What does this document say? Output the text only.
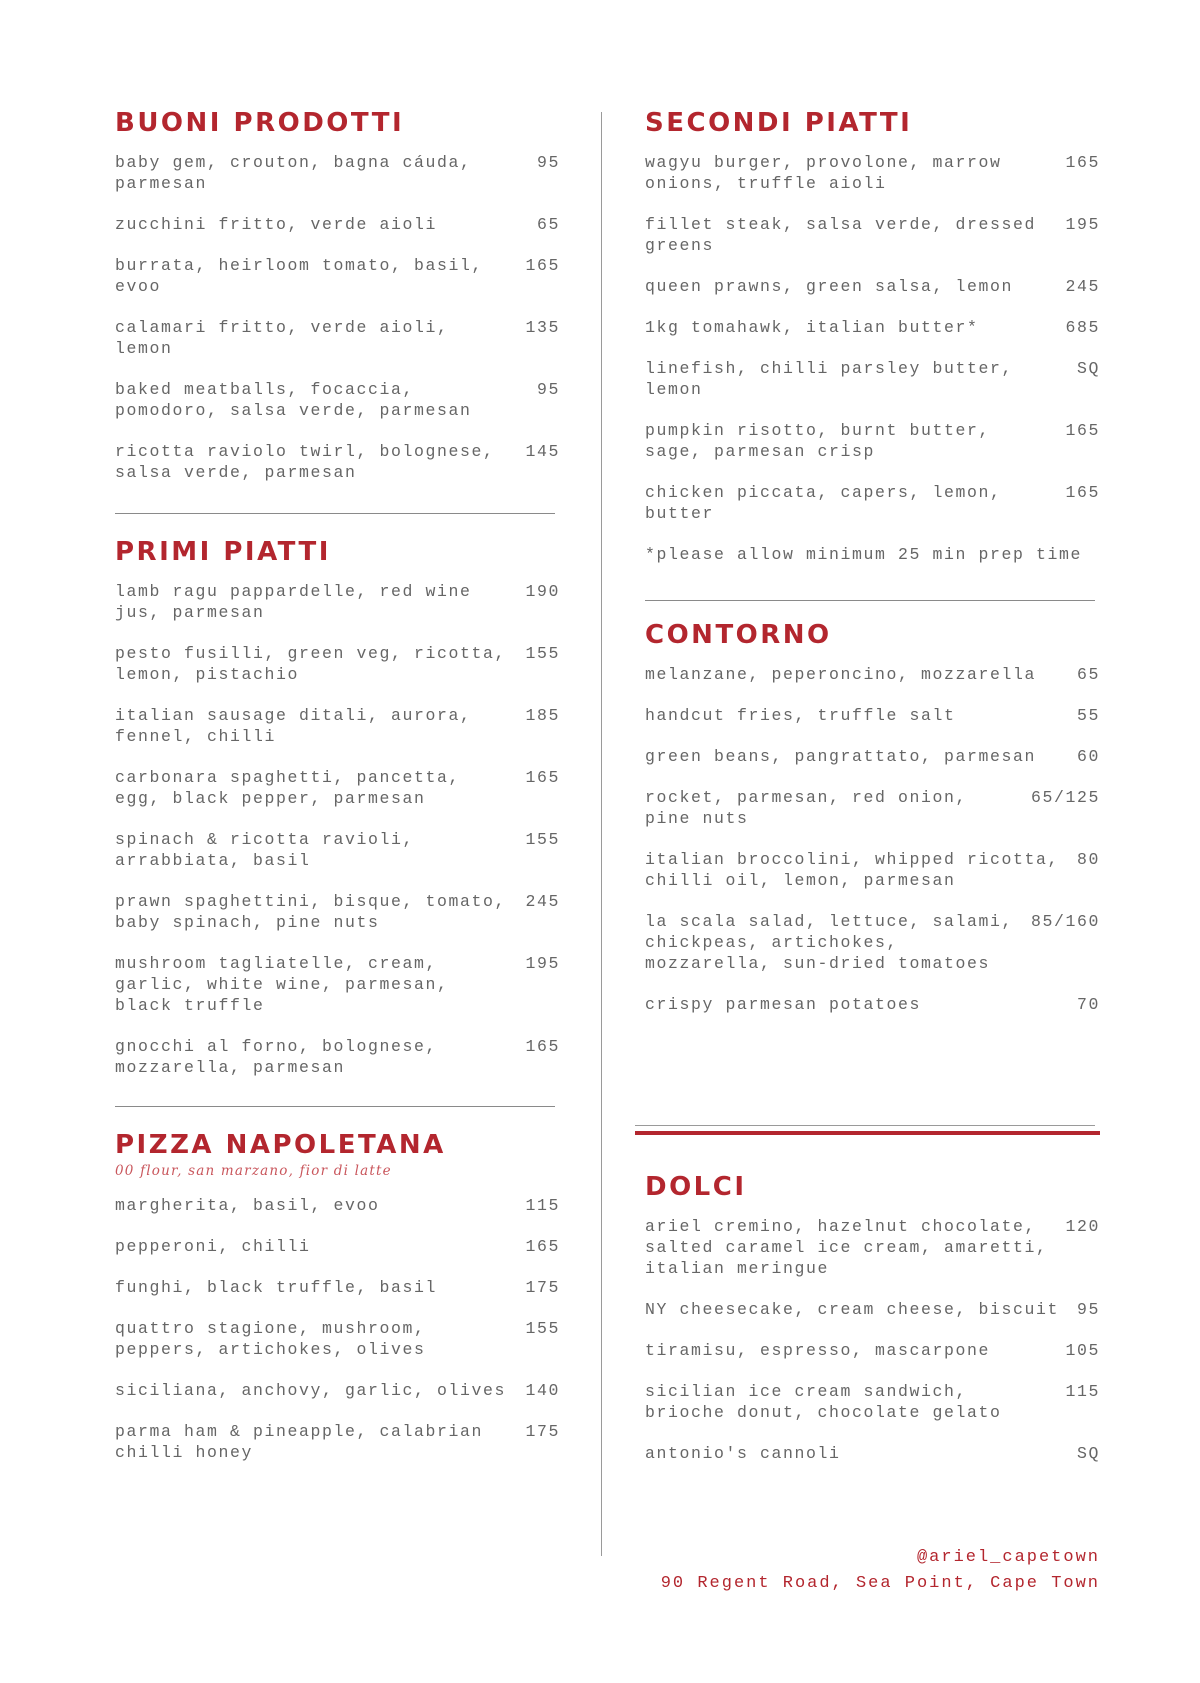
BUONI PRODOTTI
baby gem, crouton, bagna cáuda, parmesan
95
zucchini fritto, verde aioli	65
burrata, heirloom tomato, basil, evoo
165
calamari fritto, verde aioli, lemon
135
baked meatballs, focaccia, pomodoro, salsa verde, parmesan
95
ricotta raviolo twirl, bolognese, salsa verde, parmesan
145
PRIMI PIATTI
lamb ragu pappardelle, red wine jus, parmesan
190
pesto fusilli, green veg, ricotta, lemon, pistachio
155
italian sausage ditali, aurora, fennel, chilli
185
carbonara spaghetti, pancetta, egg, black pepper, parmesan
165
spinach & ricotta ravioli, arrabbiata, basil
155
prawn spaghettini, bisque, tomato, baby spinach, pine nuts
245
mushroom tagliatelle, cream, garlic, white wine, parmesan, black truffle
195
gnocchi al forno, bolognese, mozzarella, parmesan
165
PIZZA NAPOLETANA
00 flour, san marzano, fior di latte
margherita, basil, evoo	115
pepperoni, chilli	165
funghi, black truffle, basil	175
quattro stagione, mushroom, peppers, artichokes, olives
155
siciliana, anchovy, garlic, olives	140
parma ham & pineapple, calabrian chilli honey
175
SECONDI PIATTI
wagyu burger, provolone, marrow onions, truffle aioli
165
fillet steak, salsa verde, dressed greens
195
queen prawns, green salsa, lemon	245
1kg tomahawk, italian butter*	685
linefish, chilli parsley butter, lemon
SQ
pumpkin risotto, burnt butter, sage, parmesan crisp
165
chicken piccata, capers, lemon, butter
165
*please allow minimum 25 min prep time
CONTORNO
melanzane, peperoncino, mozzarella	65
handcut fries, truffle salt	55
green beans, pangrattato, parmesan	60
rocket, parmesan, red onion, pine nuts
65/125
italian broccolini, whipped ricotta, chilli oil, lemon, parmesan
80
la scala salad, lettuce, salami, chickpeas, artichokes, mozzarella, sun-dried tomatoes
85/160
crispy parmesan potatoes	70
DOLCI
ariel cremino, hazelnut chocolate, salted caramel ice cream, amaretti, italian meringue
120
NY cheesecake, cream cheese, biscuit	95
tiramisu, espresso, mascarpone	105
sicilian ice cream sandwich, brioche donut, chocolate gelato
115
antonio's cannoli	SQ
@ariel_capetown
90 Regent Road, Sea Point, Cape Town
